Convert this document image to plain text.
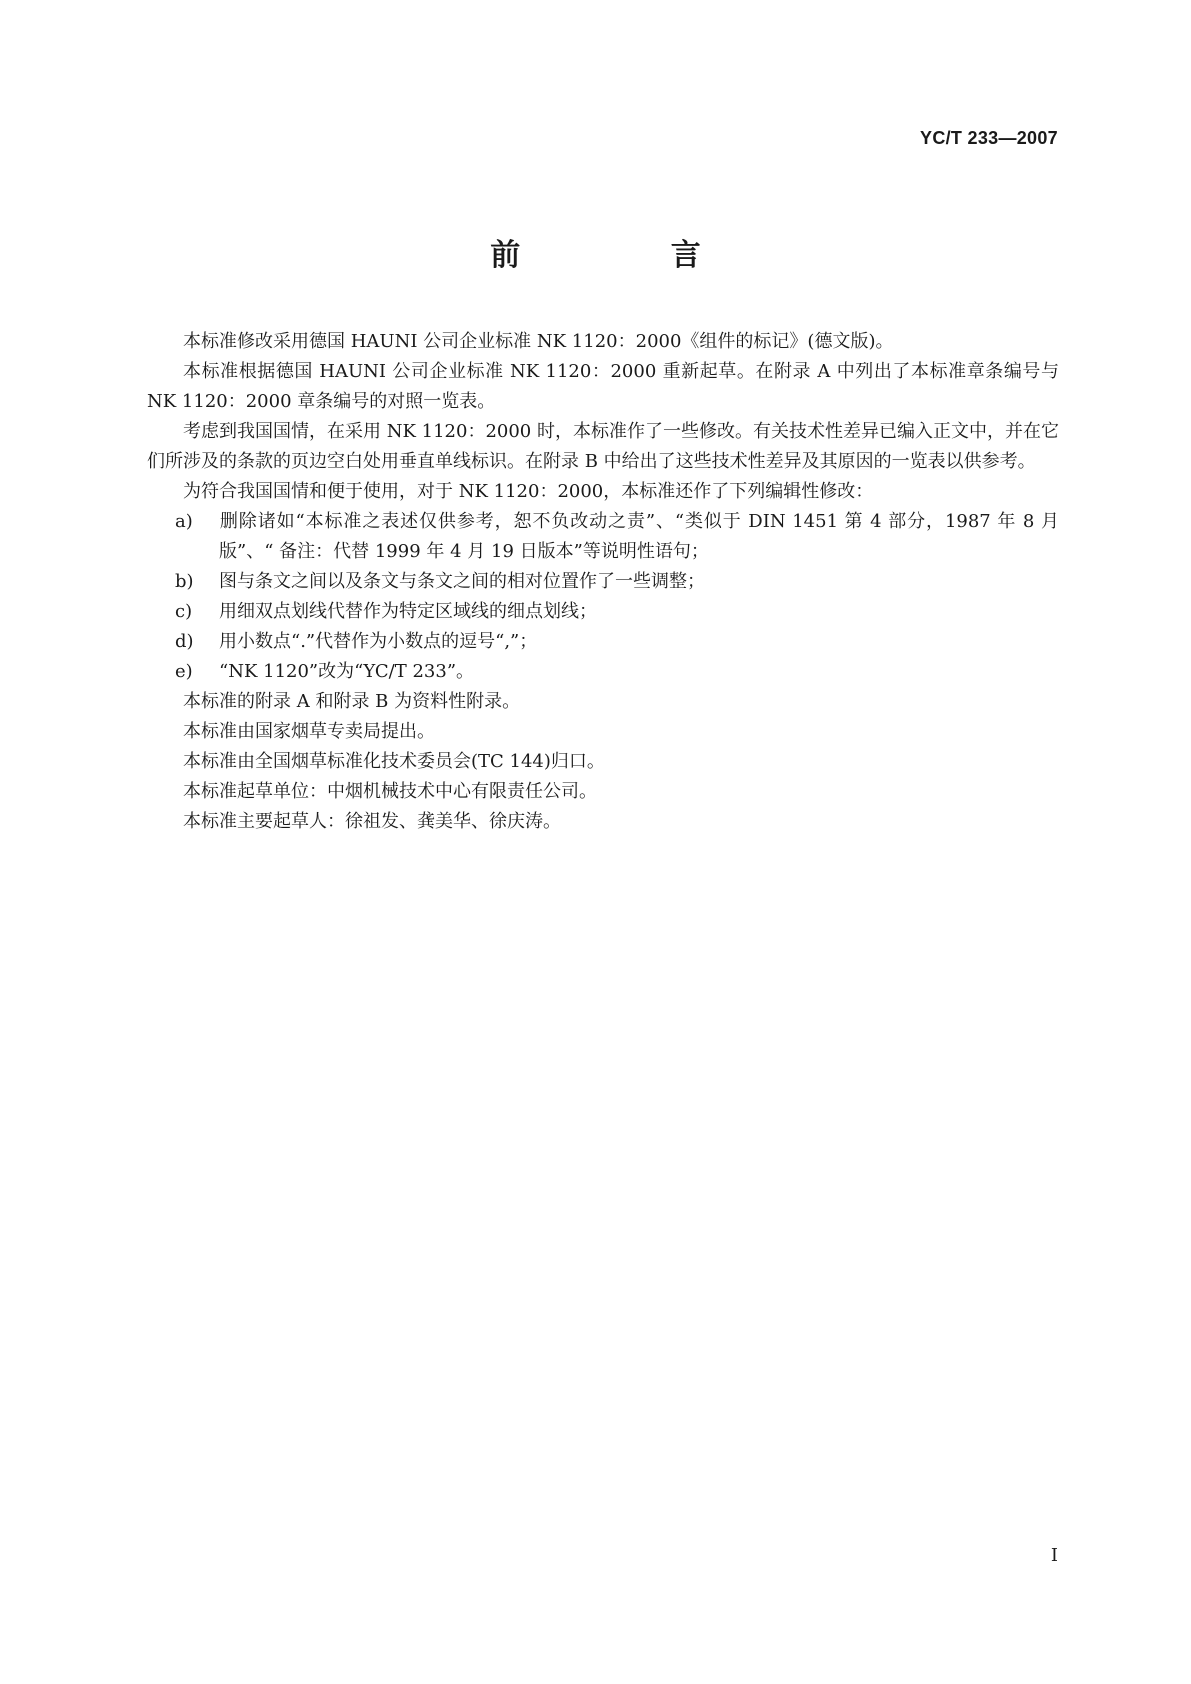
YC/T 233—2007
前 言

本标准修改采用德国 HAUNI 公司企业标准 NK 1120：2000《组件的标记》(德文版)。

本标准根据德国 HAUNI 公司企业标准 NK 1120：2000 重新起草。在附录 A 中列出了本标准章条编号与 NK 1120：2000 章条编号的对照一览表。

考虑到我国国情，在采用 NK 1120：2000 时，本标准作了一些修改。有关技术性差异已编入正文中，并在它们所涉及的条款的页边空白处用垂直单线标识。在附录 B 中给出了这些技术性差异及其原因的一览表以供参考。

为符合我国国情和便于使用，对于 NK 1120：2000，本标准还作了下列编辑性修改：

a) 删除诸如“本标准之表述仅供参考，恕不负改动之责”、“类似于 DIN 1451 第 4 部分，1987 年 8 月版”、“ 备注：代替 1999 年 4 月 19 日版本”等说明性语句；

b) 图与条文之间以及条文与条文之间的相对位置作了一些调整；

c) 用细双点划线代替作为特定区域线的细点划线；

d) 用小数点“.”代替作为小数点的逗号“,”；

e) “NK 1120”改为“YC/T 233”。

本标准的附录 A 和附录 B 为资料性附录。

本标准由国家烟草专卖局提出。

本标准由全国烟草标准化技术委员会(TC 144)归口。

本标准起草单位：中烟机械技术中心有限责任公司。

本标准主要起草人：徐祖发、龚美华、徐庆涛。

I
